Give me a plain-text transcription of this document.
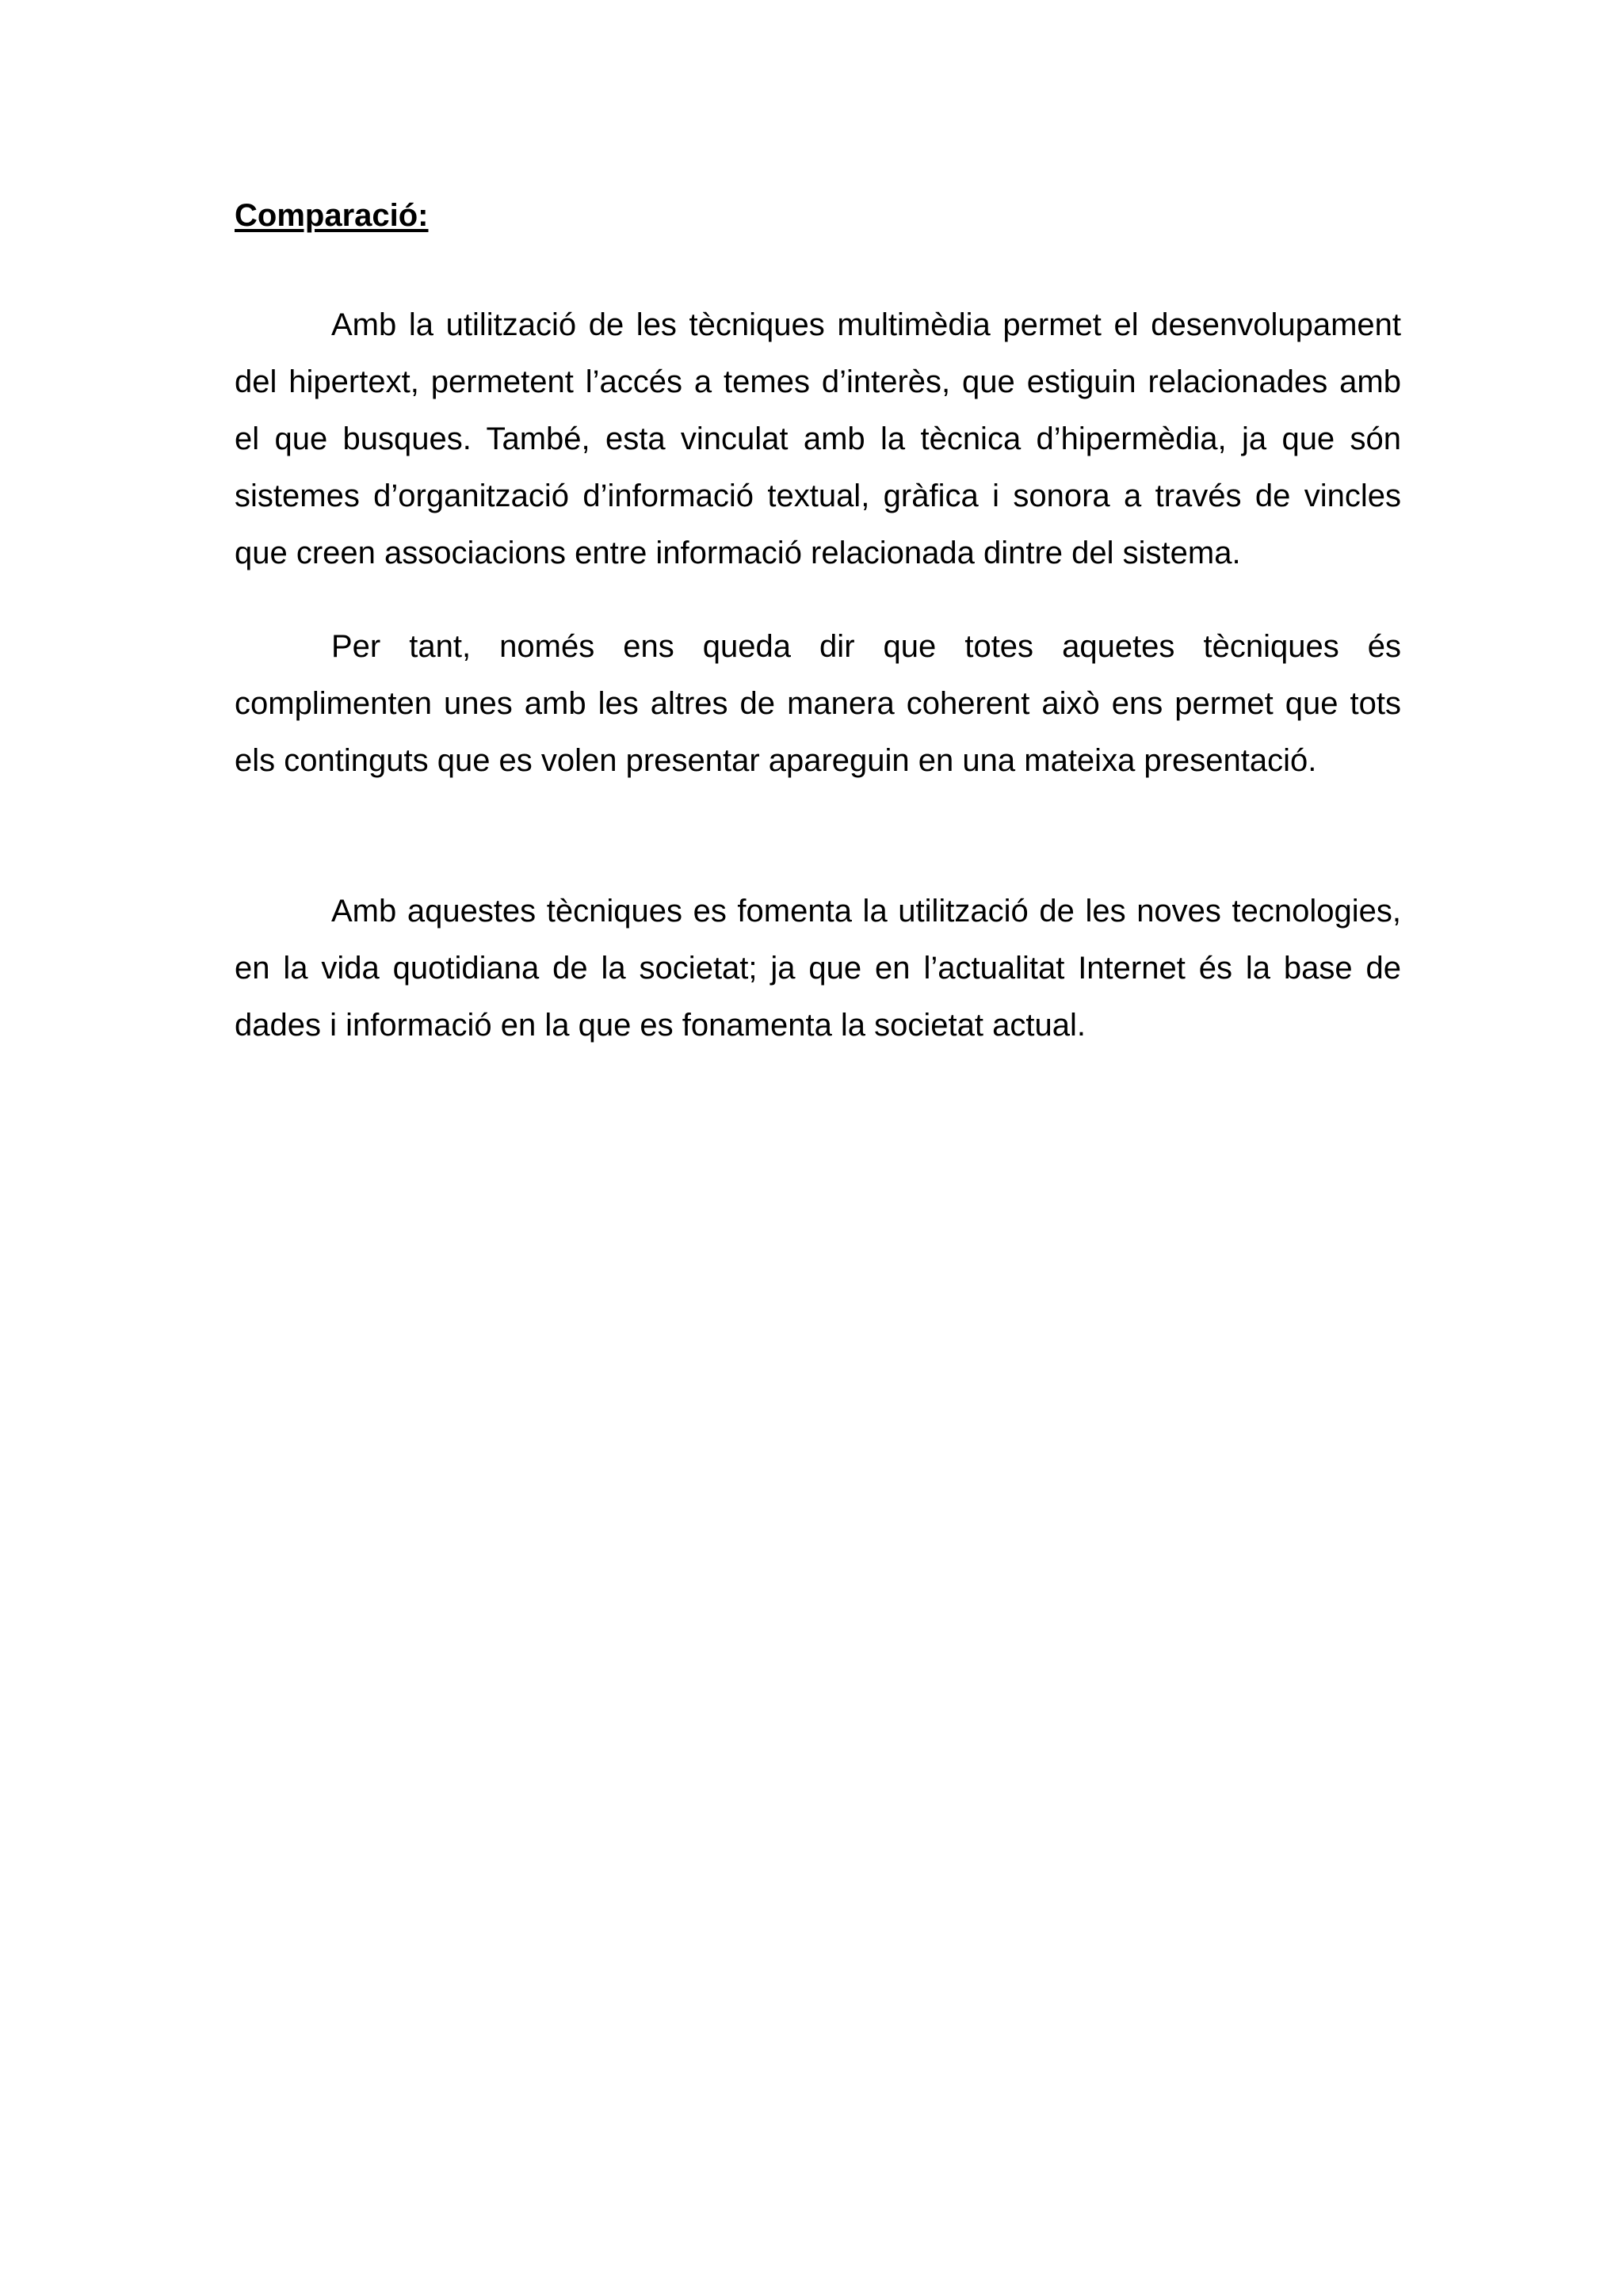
Comparació:

Amb la utilització de les tècniques multimèdia permet el desenvolupament del hipertext, permetent l’accés a temes d’interès, que estiguin relacionades amb el que busques. També, esta vinculat amb la tècnica d’hipermèdia, ja que són sistemes d’organització d’informació textual, gràfica i sonora a través de vincles que creen associacions entre informació relacionada dintre del sistema.

Per tant, només ens queda dir que totes aquetes tècniques és complimenten unes amb les altres de manera coherent això ens permet que tots els continguts que es volen presentar apareguin en una mateixa presentació.

Amb aquestes tècniques es fomenta la utilització de les noves tecnologies, en la vida quotidiana de la societat; ja que en l’actualitat Internet és la base de dades i informació en la que es fonamenta la societat actual.
